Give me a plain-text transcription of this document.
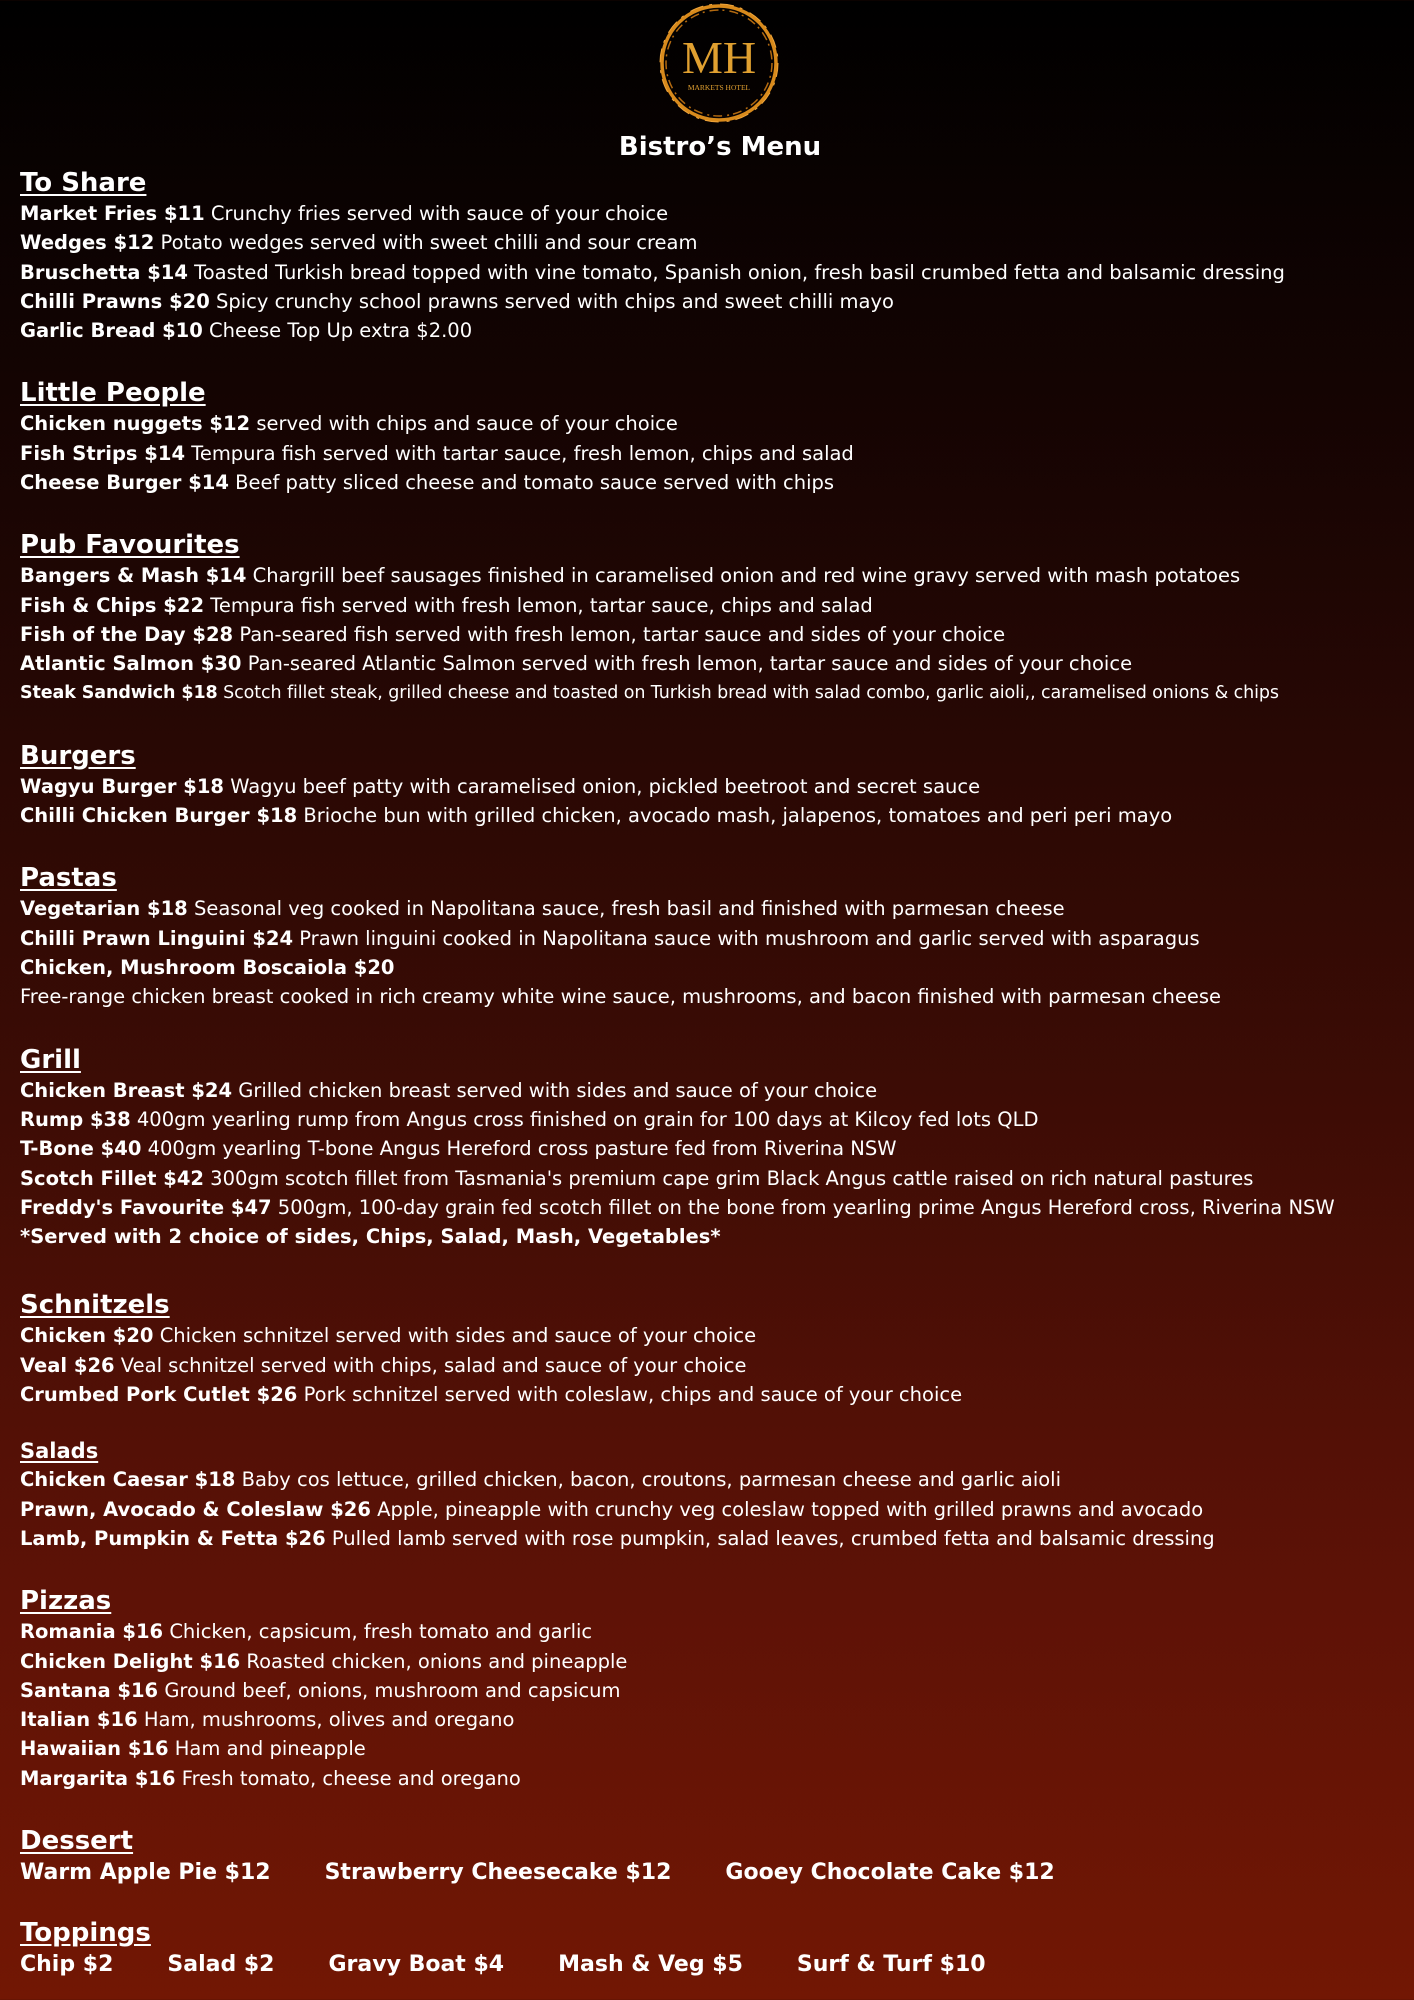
MH
MARKETS HOTEL
Bistro’s Menu
To Share
Market Fries $11 Crunchy fries served with sauce of your choice
Wedges $12 Potato wedges served with sweet chilli and sour cream
Bruschetta $14 Toasted Turkish bread topped with vine tomato, Spanish onion, fresh basil crumbed fetta and balsamic dressing
Chilli Prawns $20 Spicy crunchy school prawns served with chips and sweet chilli mayo
Garlic Bread $10 Cheese Top Up extra $2.00
Little People
Chicken nuggets $12 served with chips and sauce of your choice
Fish Strips $14 Tempura fish served with tartar sauce, fresh lemon, chips and salad
Cheese Burger $14 Beef patty sliced cheese and tomato sauce served with chips
Pub Favourites
Bangers & Mash $14 Chargrill beef sausages finished in caramelised onion and red wine gravy served with mash potatoes
Fish & Chips $22 Tempura fish served with fresh lemon, tartar sauce, chips and salad
Fish of the Day $28 Pan-seared fish served with fresh lemon, tartar sauce and sides of your choice
Atlantic Salmon $30 Pan-seared Atlantic Salmon served with fresh lemon, tartar sauce and sides of your choice
Steak Sandwich $18 Scotch fillet steak, grilled cheese and toasted on Turkish bread with salad combo, garlic aioli,, caramelised onions & chips
Burgers
Wagyu Burger $18 Wagyu beef patty with caramelised onion, pickled beetroot and secret sauce
Chilli Chicken Burger $18 Brioche bun with grilled chicken, avocado mash, jalapenos, tomatoes and peri peri mayo
Pastas
Vegetarian $18 Seasonal veg cooked in Napolitana sauce, fresh basil and finished with parmesan cheese
Chilli Prawn Linguini $24 Prawn linguini cooked in Napolitana sauce with mushroom and garlic served with asparagus
Chicken, Mushroom Boscaiola $20
Free-range chicken breast cooked in rich creamy white wine sauce, mushrooms, and bacon finished with parmesan cheese
Grill
Chicken Breast $24 Grilled chicken breast served with sides and sauce of your choice
Rump $38 400gm yearling rump from Angus cross finished on grain for 100 days at Kilcoy fed lots QLD
T-Bone $40 400gm yearling T-bone Angus Hereford cross pasture fed from Riverina NSW
Scotch Fillet $42 300gm scotch fillet from Tasmania's premium cape grim Black Angus cattle raised on rich natural pastures
Freddy's Favourite $47 500gm, 100-day grain fed scotch fillet on the bone from yearling prime Angus Hereford cross, Riverina NSW
*Served with 2 choice of sides, Chips, Salad, Mash, Vegetables*
Schnitzels
Chicken $20 Chicken schnitzel served with sides and sauce of your choice
Veal $26 Veal schnitzel served with chips, salad and sauce of your choice
Crumbed Pork Cutlet $26 Pork schnitzel served with coleslaw, chips and sauce of your choice
Salads
Chicken Caesar $18 Baby cos lettuce, grilled chicken, bacon, croutons, parmesan cheese and garlic aioli
Prawn, Avocado & Coleslaw $26 Apple, pineapple with crunchy veg coleslaw topped with grilled prawns and avocado
Lamb, Pumpkin & Fetta $26 Pulled lamb served with rose pumpkin, salad leaves, crumbed fetta and balsamic dressing
Pizzas
Romania $16 Chicken, capsicum, fresh tomato and garlic
Chicken Delight $16 Roasted chicken, onions and pineapple
Santana $16 Ground beef, onions, mushroom and capsicum
Italian $16 Ham, mushrooms, olives and oregano
Hawaiian $16 Ham and pineapple
Margarita $16 Fresh tomato, cheese and oregano
Dessert
Warm Apple Pie $12 Strawberry Cheesecake $12 Gooey Chocolate Cake $12
Toppings
Chip $2 Salad $2 Gravy Boat $4 Mash & Veg $5 Surf & Turf $10
